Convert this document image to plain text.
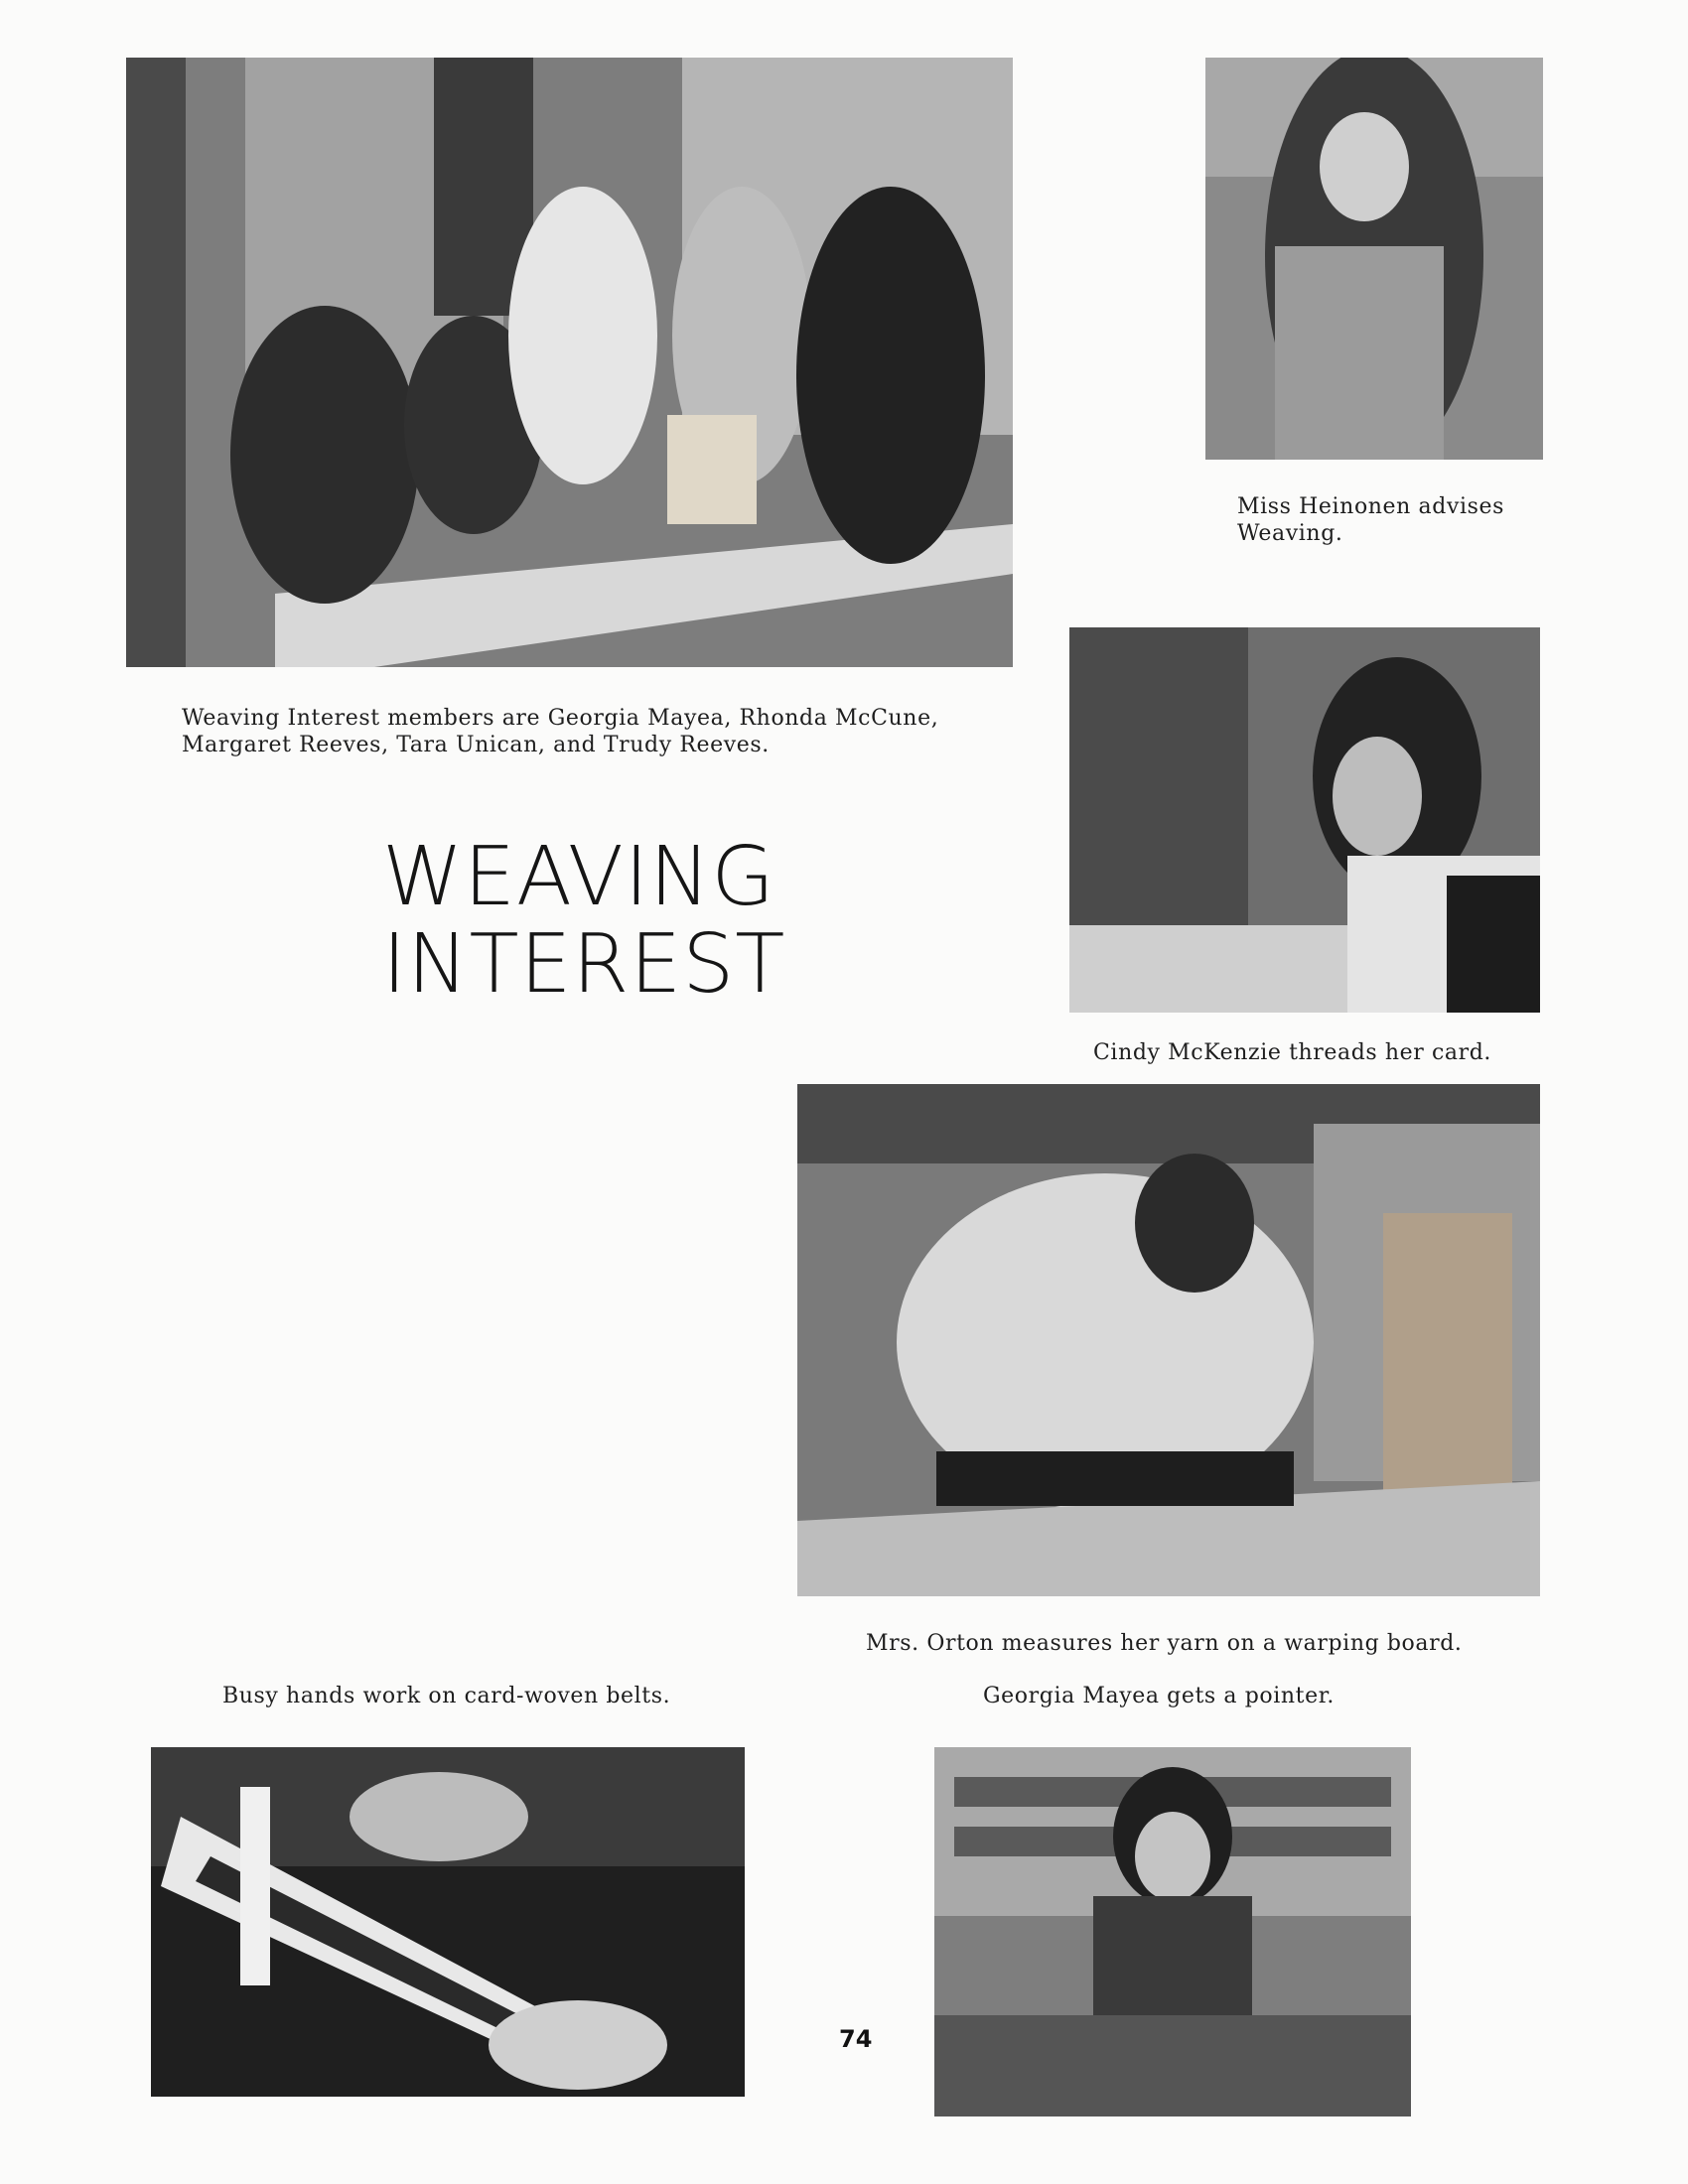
Weaving Interest members are Georgia Mayea, Rhonda McCune, Margaret Reeves, Tara Unican, and Trudy Reeves.
Miss Heinonen advises Weaving.
Cindy McKenzie threads her card.
Mrs. Orton measures her yarn on a warping board.
Busy hands work on card-woven belts.	Georgia Mayea gets a pointer.
WEAVING
INTEREST
74
